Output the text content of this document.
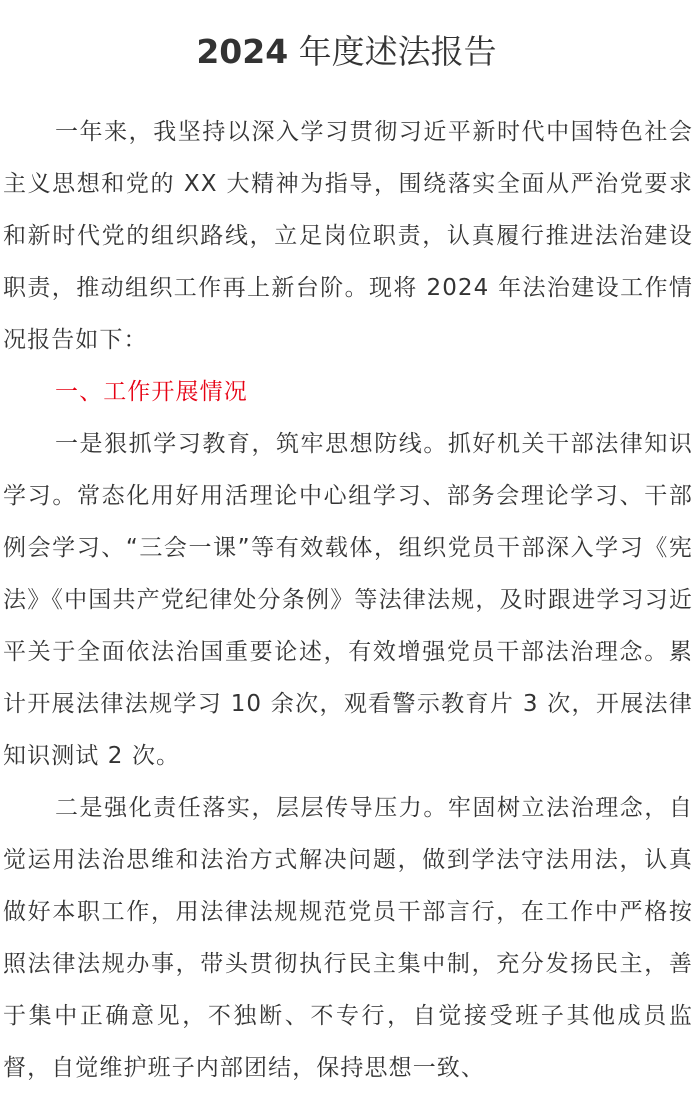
2024 年度述法报告

一年来，我坚持以深入学习贯彻习近平新时代中国特色社会主义思想和党的 XX 大精神为指导，围绕落实全面从严治党要求和新时代党的组织路线，立足岗位职责，认真履行推进法治建设职责，推动组织工作再上新台阶。现将 2024 年法治建设工作情况报告如下：

一、工作开展情况

一是狠抓学习教育，筑牢思想防线。抓好机关干部法律知识学习。常态化用好用活理论中心组学习、部务会理论学习、干部例会学习、“三会一课”等有效载体，组织党员干部深入学习《宪法》《中国共产党纪律处分条例》等法律法规，及时跟进学习习近平关于全面依法治国重要论述，有效增强党员干部法治理念。累计开展法律法规学习 10 余次，观看警示教育片 3 次，开展法律知识测试 2 次。

二是强化责任落实，层层传导压力。牢固树立法治理念，自觉运用法治思维和法治方式解决问题，做到学法守法用法，认真做好本职工作，用法律法规规范党员干部言行，在工作中严格按照法律法规办事，带头贯彻执行民主集中制，充分发扬民主，善于集中正确意见，不独断、不专行，自觉接受班子其他成员监督，自觉维护班子内部团结，保持思想一致、
